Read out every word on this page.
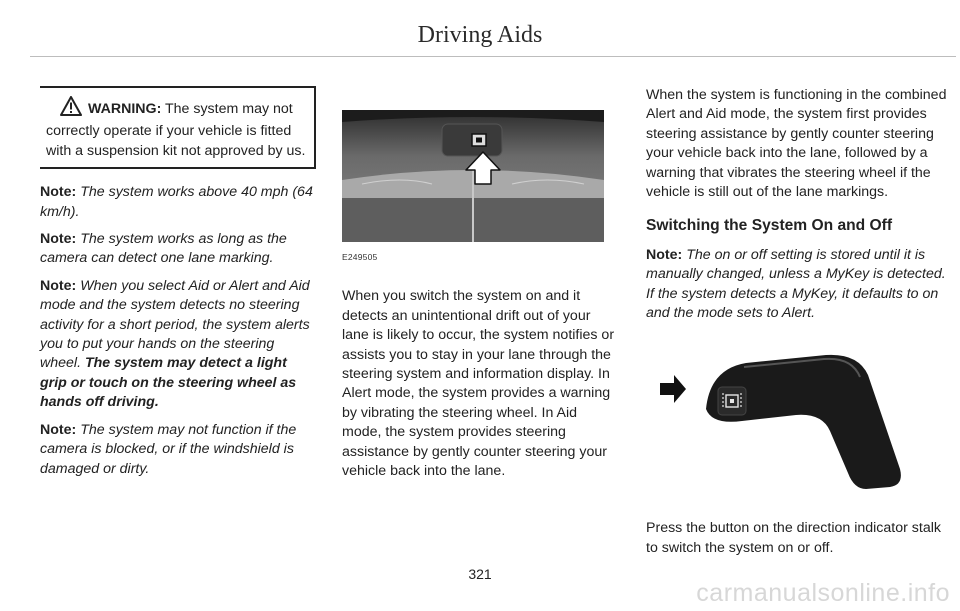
Driving Aids
WARNING: The system may not correctly operate if your vehicle is fitted with a suspension kit not approved by us.

Note: The system works above 40 mph (64 km/h).

Note: The system works as long as the camera can detect one lane marking.

Note: When you select Aid or Alert and Aid mode and the system detects no steering activity for a short period, the system alerts you to put your hands on the steering wheel. The system may detect a light grip or touch on the steering wheel as hands off driving.

Note: The system may not function if the camera is blocked, or if the windshield is damaged or dirty.

E249505

When you switch the system on and it detects an unintentional drift out of your lane is likely to occur, the system notifies or assists you to stay in your lane through the steering system and information display. In Alert mode, the system provides a warning by vibrating the steering wheel. In Aid mode, the system provides steering assistance by gently counter steering your vehicle back into the lane.

When the system is functioning in the combined Alert and Aid mode, the system first provides steering assistance by gently counter steering your vehicle back into the lane, followed by a warning that vibrates the steering wheel if the vehicle is still out of the lane markings.

Switching the System On and Off

Note: The on or off setting is stored until it is manually changed, unless a MyKey is detected. If the system detects a MyKey, it defaults to on and the mode sets to Alert.

Press the button on the direction indicator stalk to switch the system on or off.

321
carmanualsonline.info
